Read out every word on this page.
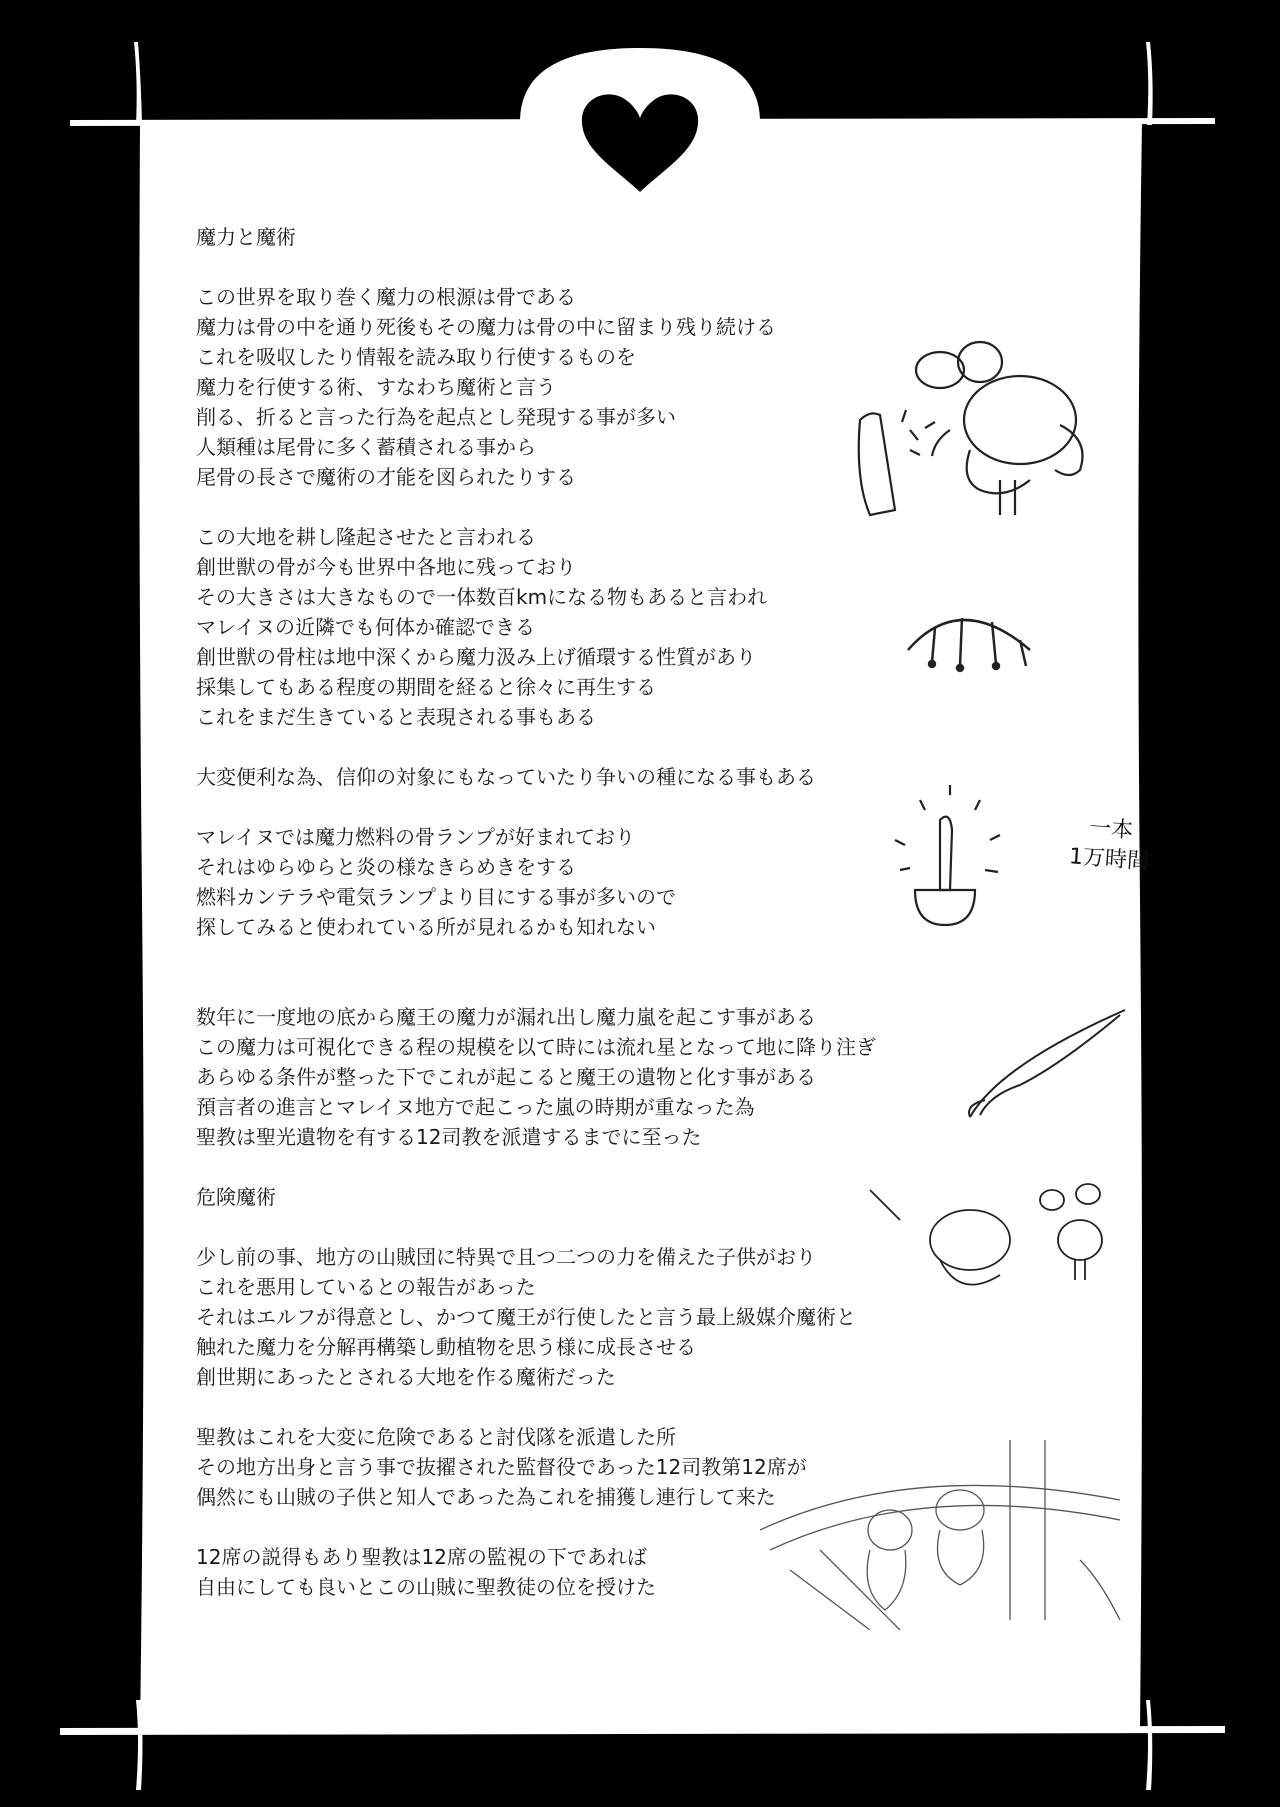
一本
1万時間
魔力と魔術
この世界を取り巻く魔力の根源は骨である
魔力は骨の中を通り死後もその魔力は骨の中に留まり残り続ける
これを吸収したり情報を読み取り行使するものを
魔力を行使する術、すなわち魔術と言う
削る、折ると言った行為を起点とし発現する事が多い
人類種は尾骨に多く蓄積される事から
尾骨の長さで魔術の才能を図られたりする
この大地を耕し隆起させたと言われる
創世獣の骨が今も世界中各地に残っており
その大きさは大きなもので一体数百kmになる物もあると言われ
マレイヌの近隣でも何体か確認できる
創世獣の骨柱は地中深くから魔力汲み上げ循環する性質があり
採集してもある程度の期間を経ると徐々に再生する
これをまだ生きていると表現される事もある
大変便利な為、信仰の対象にもなっていたり争いの種になる事もある
マレイヌでは魔力燃料の骨ランプが好まれており
それはゆらゆらと炎の様なきらめきをする
燃料カンテラや電気ランプより目にする事が多いので
探してみると使われている所が見れるかも知れない
数年に一度地の底から魔王の魔力が漏れ出し魔力嵐を起こす事がある
この魔力は可視化できる程の規模を以て時には流れ星となって地に降り注ぎ
あらゆる条件が整った下でこれが起こると魔王の遺物と化す事がある
預言者の進言とマレイヌ地方で起こった嵐の時期が重なった為
聖教は聖光遺物を有する12司教を派遣するまでに至った
危険魔術
少し前の事、地方の山賊団に特異で且つ二つの力を備えた子供がおり
これを悪用しているとの報告があった
それはエルフが得意とし、かつて魔王が行使したと言う最上級媒介魔術と
触れた魔力を分解再構築し動植物を思う様に成長させる
創世期にあったとされる大地を作る魔術だった
聖教はこれを大変に危険であると討伐隊を派遣した所
その地方出身と言う事で抜擢された監督役であった12司教第12席が
偶然にも山賊の子供と知人であった為これを捕獲し連行して来た
12席の説得もあり聖教は12席の監視の下であれば
自由にしても良いとこの山賊に聖教徒の位を授けた
